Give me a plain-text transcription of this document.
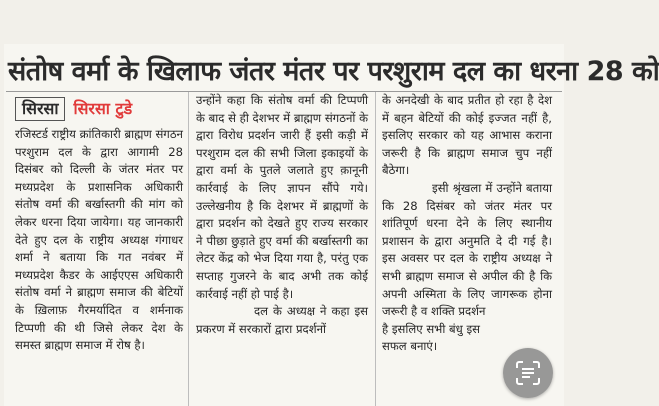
संतोष वर्मा के खिलाफ जंतर मंतर पर परशुराम दल का धरना 28 को
सिरसा सिरसा टुडे

रजिस्टर्ड राष्ट्रीय क्रांतिकारी ब्राह्मण संगठन परशुराम दल के द्वारा आगामी 28 दिसंबर को दिल्ली के जंतर मंतर पर मध्यप्रदेश के प्रशासनिक अधिकारी संतोष वर्मा की बर्खास्तगी की मांग को लेकर धरना दिया जायेगा। यह जानकारी देते हुए दल के राष्ट्रीय अध्यक्ष गंगाधर शर्मा ने बताया कि गत नवंबर में मध्यप्रदेश कैडर के आईएएस अधिकारी संतोष वर्मा ने ब्राह्मण समाज की बेटियों के ख़िलाफ़ गैरमर्यादित व शर्मनाक टिप्पणी की थी जिसे लेकर देश के समस्त ब्राह्मण समाज में रोष है।

उन्होंने कहा कि संतोष वर्मा की टिप्पणी के बाद से ही देशभर में ब्राह्मण संगठनों के द्वारा विरोध प्रदर्शन जारी हैं इसी कड़ी में परशुराम दल की सभी जिला इकाइयों के द्वारा वर्मा के पुतले जलाते हुए क़ानूनी कार्रवाई के लिए ज्ञापन सौंपे गये। उल्लेखनीय है कि देशभर में ब्राह्मणों के द्वारा प्रदर्शन को देखते हुए राज्य सरकार ने पीछा छुड़ाते हुए वर्मा की बर्खास्तगी का लेटर केंद्र को भेज दिया गया है, परंतु एक सप्ताह गुजरने के बाद अभी तक कोई कार्रवाई नहीं हो पाई है।

दल के अध्यक्ष ने कहा इस प्रकरण में सरकारों द्वारा प्रदर्शनों

के अनदेखी के बाद प्रतीत हो रहा है देश में बहन बेटियों की कोई इज्जत नहीं है, इसलिए सरकार को यह आभास कराना जरूरी है कि ब्राह्मण समाज चुप नहीं बैठेगा।

इसी श्रृंखला में उन्होंने बताया कि 28 दिसंबर को जंतर मंतर पर शांतिपूर्ण धरना देने के लिए स्थानीय प्रशासन के द्वारा अनुमति दे दी गई है। इस अवसर पर दल के राष्ट्रीय अध्यक्ष ने सभी ब्राह्मण समाज से अपील की है कि अपनी अस्मिता के लिए जागरूक होना जरूरी है व शक्ति प्रदर्शन

है इसलिए सभी बंधु इस

सफल बनाएं।
